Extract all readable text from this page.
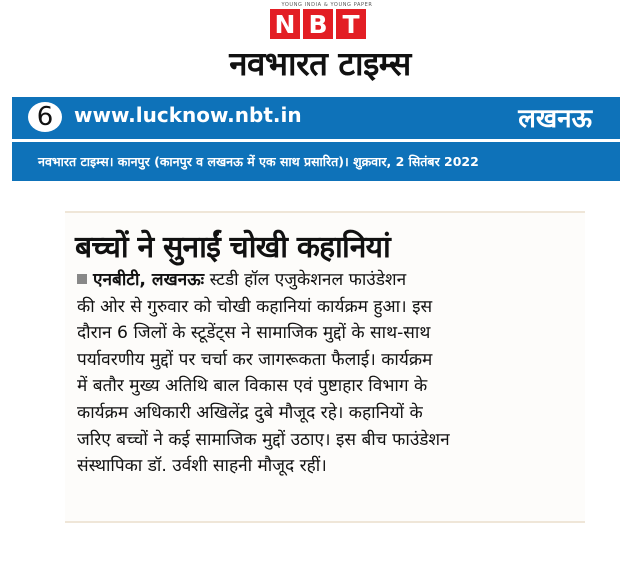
YOUNG INDIA & YOUNG PAPER
N B T
नवभारत टाइम्स
6	www.lucknow.nbt.in	लखनऊ
नवभारत टाइम्स। कानपुर (कानपुर व लखनऊ में एक साथ प्रसारित)। शुक्रवार, 2 सितंबर 2022
बच्चों ने सुनाईं चोखी कहानियां
एनबीटी, लखनऊः स्टडी हॉल एजुकेशनल फाउंडेशन
की ओर से गुरुवार को चोखी कहानियां कार्यक्रम हुआ। इस
दौरान 6 जिलों के स्टूडेंट्स ने सामाजिक मुद्दों के साथ-साथ
पर्यावरणीय मुद्दों पर चर्चा कर जागरूकता फैलाई। कार्यक्रम
में बतौर मुख्य अतिथि बाल विकास एवं पुष्टाहार विभाग के
कार्यक्रम अधिकारी अखिलेंद्र दुबे मौजूद रहे। कहानियों के
जरिए बच्चों ने कई सामाजिक मुद्दों उठाए। इस बीच फाउंडेशन
संस्थापिका डॉ. उर्वशी साहनी मौजूद रहीं।
